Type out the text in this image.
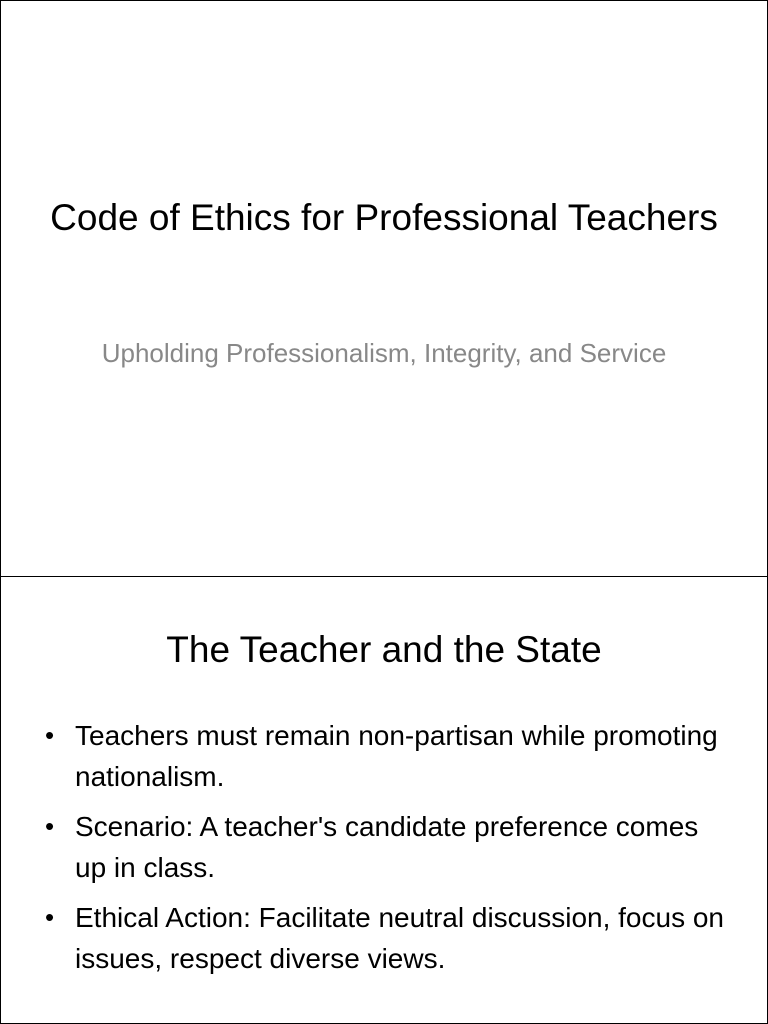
Code of Ethics for Professional Teachers
Upholding Professionalism, Integrity, and Service
The Teacher and the State
• Teachers must remain non-partisan while promoting nationalism.
• Scenario: A teacher's candidate preference comes up in class.
• Ethical Action: Facilitate neutral discussion, focus on issues, respect diverse views.
